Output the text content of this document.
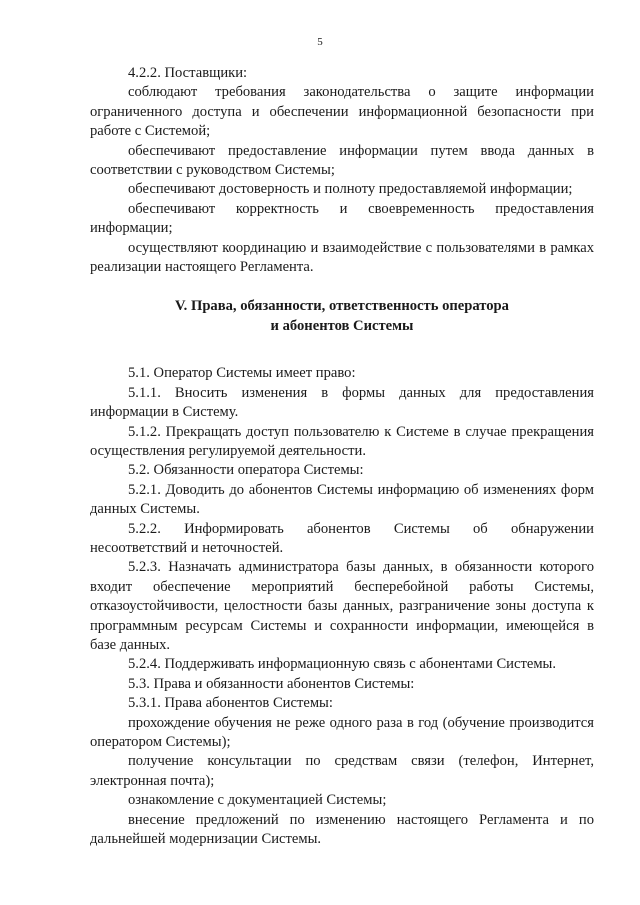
5

4.2.2. Поставщики:

соблюдают требования законодательства о защите информации ограниченного доступа и обеспечении информационной безопасности при работе с Системой;

обеспечивают предоставление информации путем ввода данных в соответствии с руководством Системы;

обеспечивают достоверность и полноту предоставляемой информации;

обеспечивают корректность и своевременность предоставления информации;

осуществляют координацию и взаимодействие с пользователями в рамках реализации настоящего Регламента.

V. Права, обязанности, ответственность оператора
и абонентов Системы

5.1. Оператор Системы имеет право:

5.1.1. Вносить изменения в формы данных для предоставления информации в Систему.

5.1.2. Прекращать доступ пользователю к Системе в случае прекращения осуществления регулируемой деятельности.

5.2. Обязанности оператора Системы:

5.2.1. Доводить до абонентов Системы информацию об изменениях форм данных Системы.

5.2.2. Информировать абонентов Системы об обнаружении несоответствий и неточностей.

5.2.3. Назначать администратора базы данных, в обязанности которого входит обеспечение мероприятий бесперебойной работы Системы, отказоустойчивости, целостности базы данных, разграничение зоны доступа к программным ресурсам Системы и сохранности информации, имеющейся в базе данных.

5.2.4. Поддерживать информационную связь с абонентами Системы.

5.3. Права и обязанности абонентов Системы:

5.3.1. Права абонентов Системы:

прохождение обучения не реже одного раза в год (обучение производится оператором Системы);

получение консультации по средствам связи (телефон, Интернет, электронная почта);

ознакомление с документацией Системы;

внесение предложений по изменению настоящего Регламента и по дальнейшей модернизации Системы.
